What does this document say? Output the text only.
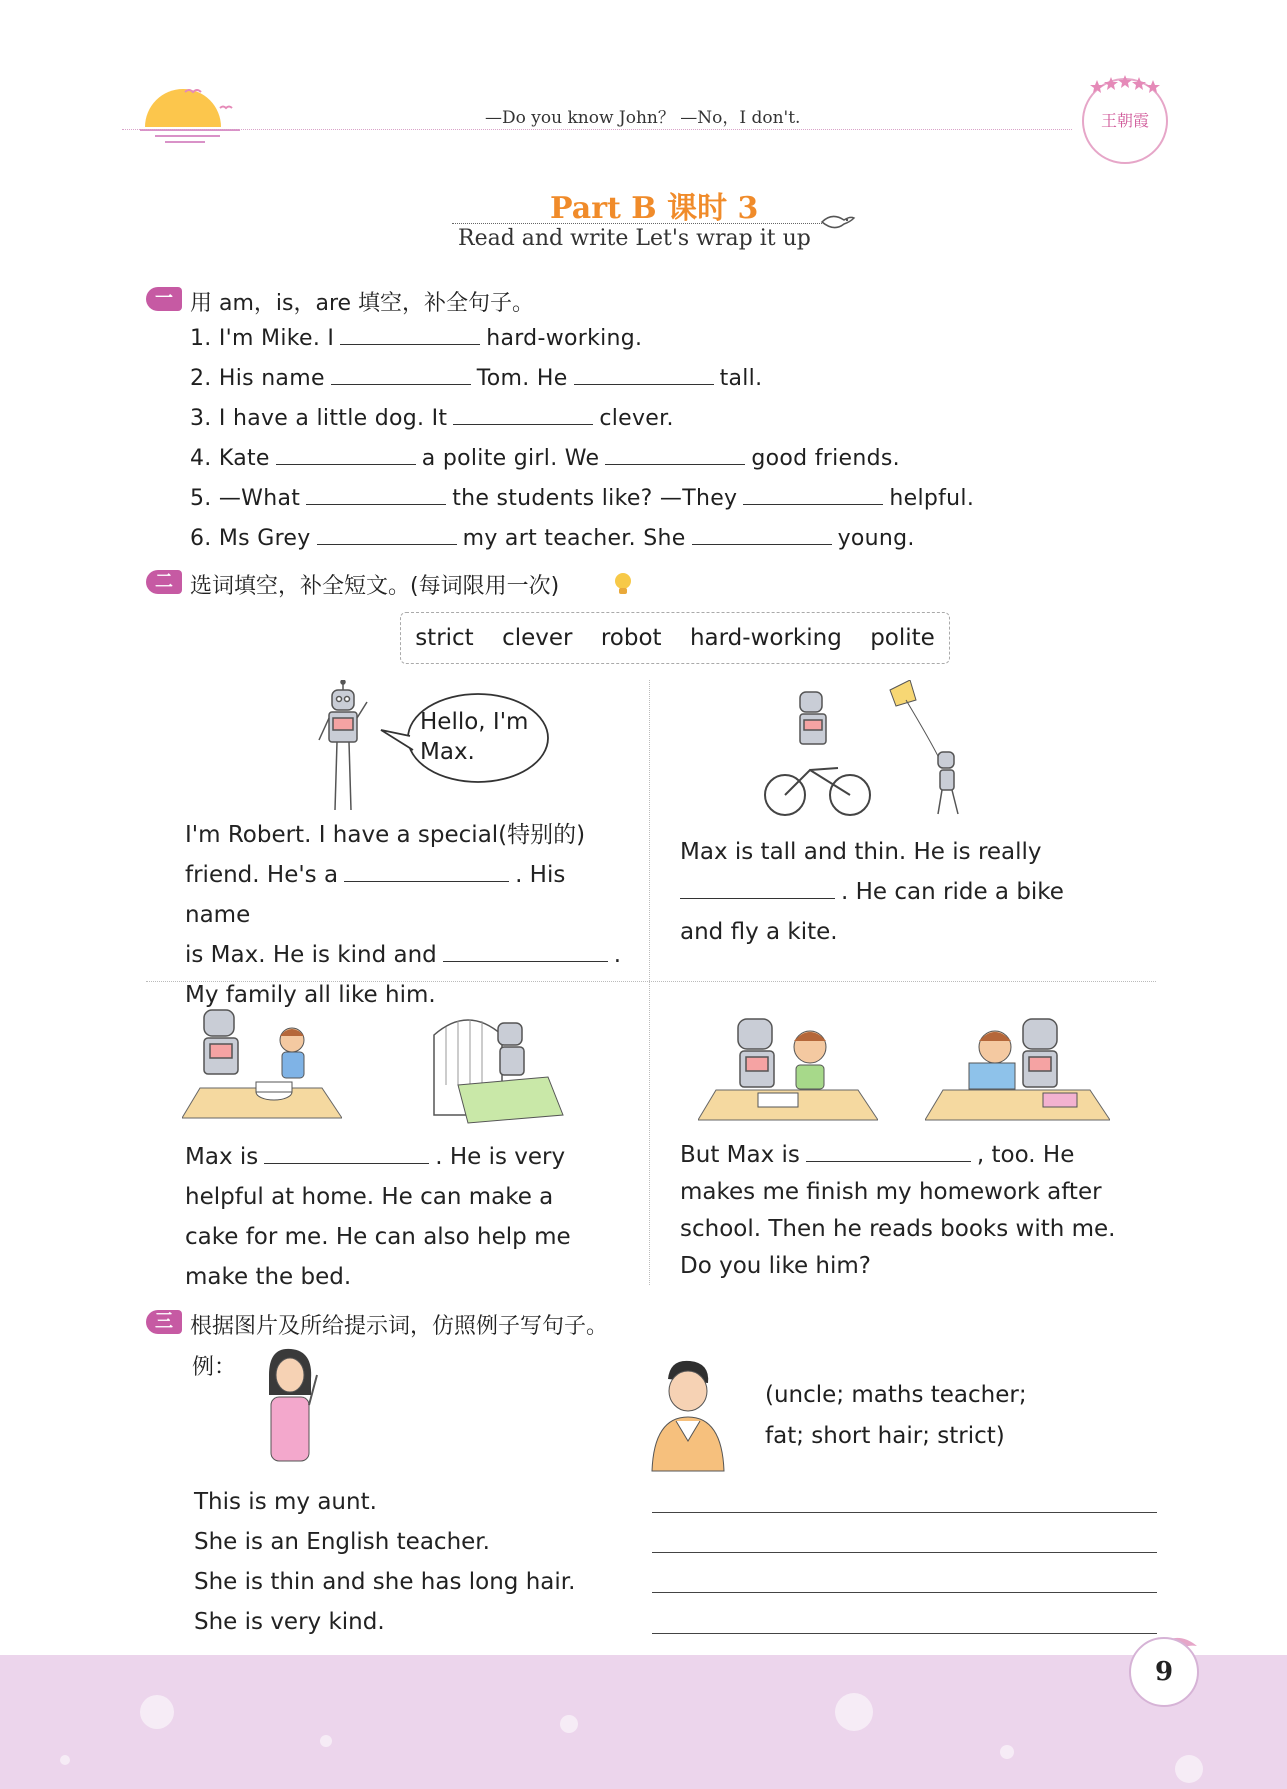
—Do you know John？ —No，I don't.	王朝霞
Part B 课时 3
Read and write Let's wrap it up
一 用 am，is，are 填空，补全句子。
1. I'm Mike. I	hard-working.
2. His name	Tom. He	tall.
3. I have a little dog. It	clever.
4. Kate	a polite girl. We	good friends.
5. —What	the students like? —They	helpful.
6. Ms Grey	my art teacher. She	young.
二 选词填空，补全短文。(每词限用一次)
strict clever robot hard-working polite
Hello, I'm Max.
I'm Robert. I have a special(特别的)
friend. He's a	. His name
is Max. He is kind and	.
My family all like him.
Max is tall and thin. He is really
. He can ride a bike
and fly a kite.
Max is	. He is very
helpful at home. He can make a
cake for me. He can also help me
make the bed.
But Max is	, too. He
makes me finish my homework after
school. Then he reads books with me.
Do you like him?
三 根据图片及所给提示词，仿照例子写句子。
例：
(uncle; maths teacher;
fat; short hair; strict)
This is my aunt.
She is an English teacher.
She is thin and she has long hair.
She is very kind.
9
